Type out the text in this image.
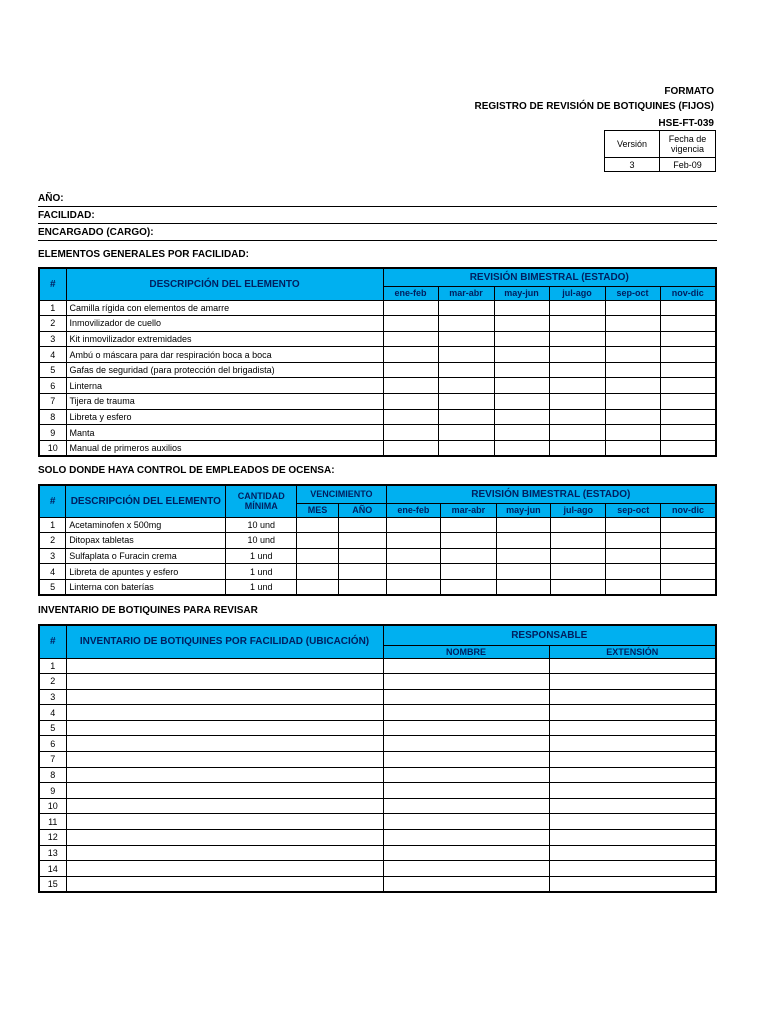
FORMATO
REGISTRO DE REVISIÓN DE BOTIQUINES (FIJOS)
HSE-FT-039
Versión	Fecha de vigencia
3	Feb-09
AÑO:
FACILIDAD:
ENCARGADO (CARGO):
ELEMENTOS GENERALES POR FACILIDAD:
#	DESCRIPCIÓN DEL ELEMENTO	REVISIÓN BIMESTRAL (ESTADO)					
		ene-feb	mar-abr	may-jun	jul-ago	sep-oct	nov-dic
1	Camilla rígida con elementos de amarre						
2	Inmovilizador de cuello						
3	Kit inmovilizador extremidades						
4	Ambú o máscara para dar respiración boca a boca						
5	Gafas de seguridad (para protección del brigadista)						
6	Linterna						
7	Tijera de trauma						
8	Libreta y esfero						
9	Manta						
10	Manual de primeros auxilios						
SOLO DONDE HAYA CONTROL DE EMPLEADOS DE OCENSA:
#	DESCRIPCIÓN DEL ELEMENTO	CANTIDAD MÍNIMA	VENCIMIENTO		REVISIÓN BIMESTRAL (ESTADO)					
			MES	AÑO	ene-feb	mar-abr	may-jun	jul-ago	sep-oct	nov-dic
1	Acetaminofen x 500mg	10 und								
2	Ditopax tabletas	10 und								
3	Sulfaplata o Furacin crema	1 und								
4	Libreta de apuntes y esfero	1 und								
5	Linterna con baterías	1 und								
INVENTARIO DE BOTIQUINES PARA REVISAR
#	INVENTARIO DE BOTIQUINES POR FACILIDAD (UBICACIÓN)	RESPONSABLE	
		NOMBRE	EXTENSIÓN
1			
2			
3			
4			
5			
6			
7			
8			
9			
10			
11			
12			
13			
14			
15			
